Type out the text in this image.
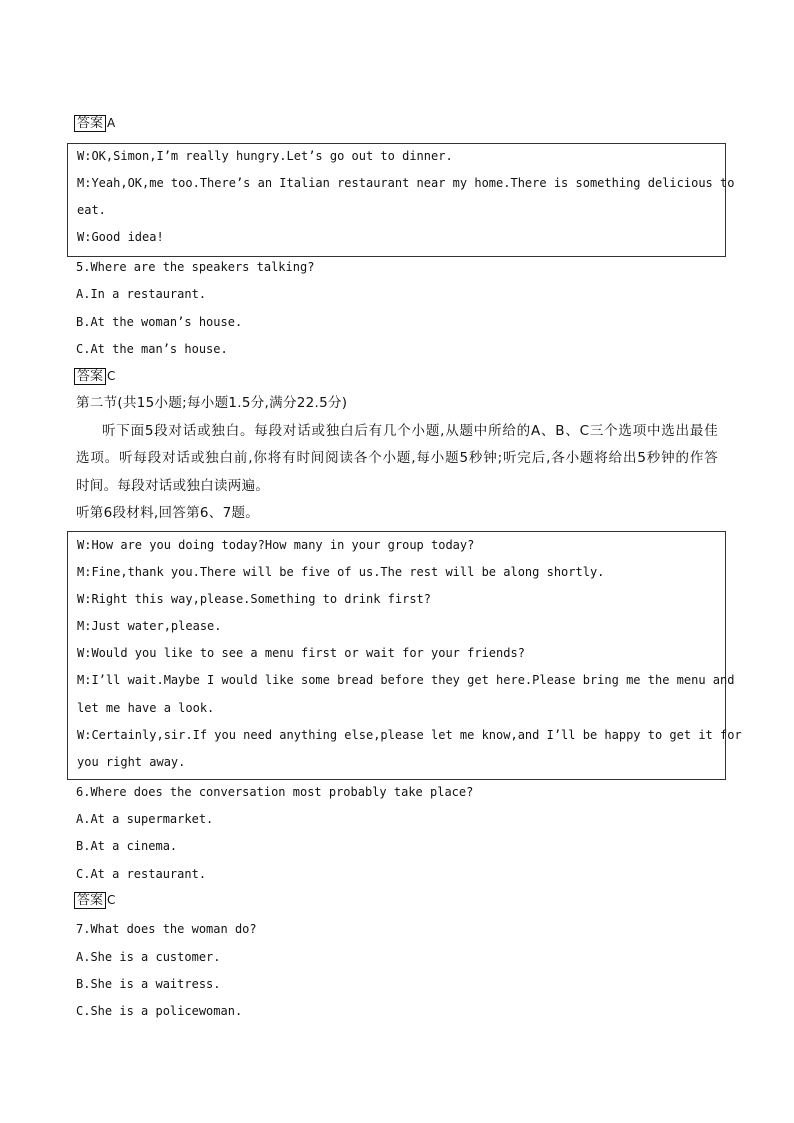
答案 A
W:OK,Simon,I’m really hungry.Let’s go out to dinner.
M:Yeah,OK,me too.There’s an Italian restaurant near my home.There is something delicious to
eat.
W:Good idea!
5.Where are the speakers talking?
A.In a restaurant.
B.At the woman’s house.
C.At the man’s house.
答案 C
第二节(共15小题;每小题1.5分,满分22.5分)
听下面5段对话或独白。每段对话或独白后有几个小题,从题中所给的A、B、C三个选项中选出最佳
选项。听每段对话或独白前,你将有时间阅读各个小题,每小题5秒钟;听完后,各小题将给出5秒钟的作答
时间。每段对话或独白读两遍。
听第6段材料,回答第6、7题。
W:How are you doing today?How many in your group today?
M:Fine,thank you.There will be five of us.The rest will be along shortly.
W:Right this way,please.Something to drink first?
M:Just water,please.
W:Would you like to see a menu first or wait for your friends?
M:I’ll wait.Maybe I would like some bread before they get here.Please bring me the menu and
let me have a look.
W:Certainly,sir.If you need anything else,please let me know,and I’ll be happy to get it for
you right away.
6.Where does the conversation most probably take place?
A.At a supermarket.
B.At a cinema.
C.At a restaurant.
答案 C
7.What does the woman do?
A.She is a customer.
B.She is a waitress.
C.She is a policewoman.
